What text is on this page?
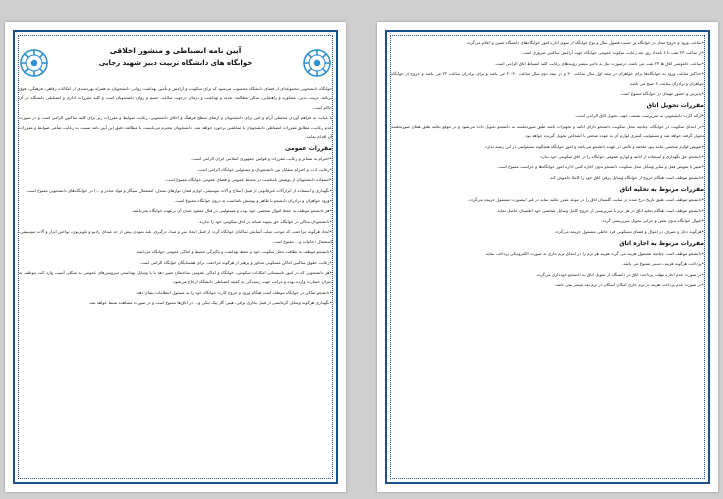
آیین نامه انضباطی و منشور اخلاقی
خوابگاه های دانشگاه تربیت دبیر شهید رجایی

خوابگاه دانشجویی مجموعه‌ای از فضای دانشگاه محسوب می‌شود که برای سکونت و آرامش و تأمین بهداشت روانی دانشجویان به همراه بهره‌مندی از امکانات رفاهی، فرهنگی، فوق برنامه، تربیت بدنی، مشاوره و راهنمایی، سالن مطالعه، تغذیه و بهداشت و درمان درجهت سلامت جسم و روان دانشجویان است و کلیه مقررات اداری و انضباطی دانشگاه در آن حاکم است.

با عنایت به فراهم آوردن محیطی آرام و امن برای دانشجویان و ارتقای سطح فرهنگ و اخلاق دانشجویی، رعایت ضوابط و مقررات زیر برای کلیه ساکنین الزامی است و در صورت عدم رعایت، مطابق مقررات انضباطی دانشجویان با متخلفین برخورد خواهد شد. دانشجویان محترم می‌بایست با مطالعه دقیق این آیین نامه نسبت به رعایت تمامی ضوابط و مقررات آن اقدام نمایند.

مقررات عمومی

•احترام به شعائر و رعایت مقررات و قوانین جمهوری اسلامی ایران الزامی است.

•رعایت ادب و احترام متقابل بین دانشجویان و مسئولین خوابگاه الزامی است.

•استفاده دانشجویان از پوشش نامناسب در محیط عمومی و فضای عمومی خوابگاه ممنوع است.

•نگهداری و استفاده از ابزارآلات غیرقانونی از قبیل (سلاح و آلات موسیقی، لوازم قمار، نوارهای مبتذل، استعمال سیگار و مواد مخدر و ...) در خوابگاه‌های دانشجویی ممنوع است.

•ورود خواهران و برادران دانشجو با ظاهر و پوشش نامناسب به درون خوابگاه ممنوع است.

•هر دانشجو موظف به حفظ اموال شخصی خود بوده و مسئولیتی در قبال مفقود شدن آن برعهده خوابگاه نمی‌باشد.

•دانشجویان ساکن در خوابگاه حق بیتوته شبانه در اتاق سکونتی خود را ندارند.

•ایجاد هرگونه مزاحمت که موجب سلب آسایش ساکنان خوابگاه گردد از قبیل ایجاد سر و صدا، درگیری، بلند نمودن بیش از حد صدای رادیو و تلویزیون، نواختن ابزار و آلات موسیقی، استعمال دخانیات و... ممنوع است.

•دانشجو موظف به نظافت محل سکونت خود و حفظ بهداشت و پاکیزگی محیط و اماکن عمومی خوابگاه می‌باشد.

•رعایت حقوق ساکنین اماکن مسکونی مجاور و پرهیز از هرگونه مزاحمت برای همسایگان خوابگاه الزامی است.

•هر دانشجویی که در امور تاسیساتی امکانات سکونتی، خوابگاه و اماکن عمومی ساختمان تغییر دهد یا با وسایل بهداشتی سرویس‌های عمومی به شکلی آسیب وارد کند، موظف به جبران خسارت وارده بوده و مراتب جهت رسیدگی به کمیته انضباطی دانشگاه ارجاع می‌شود.

•دانشجو ساکن در خوابگاه موظف است هنگام ورود و خروج کارت خوابگاه خود را به مسئول انتظامات نشان دهد.

•نگهداری هرگونه وسایل گرمایشی از قبیل بخاری برقی، هیتر، گاز پیک نیکی و... در اتاق‌ها ممنوع است و در صورت مشاهده ضبط خواهد شد.

•ساعت ورود و خروج مجاز در خوابگاه بر حسب فصول سال و نوع خوابگاه از سوی اداره امور خوابگاه‌های دانشگاه تعیین و اعلام می‌گردد.

•از ساعت ۲۳ شب تا ۶ بامداد روز بعد رعایت سکوت عمومی خوابگاه جهت آرامش ساکنین ضروری است.

•ساعت خاموشی اتاق ها ۲۴ شب می باشد، درصورت نیاز به تاخیر بیشتر رویندهای رعایت کلیه انضباط اتاق الزامی است.

•حداکثر ساعت ورود به خوابگاه‌ها برای خواهران در نیمه اول سال ساعت ۲۰ و در نیمه دوم سال ساعت ۲۰:۳۰ می باشد و برای برادران ساعت ۲۲ می باشد و خروج از خوابگاه خواهران و برادران ساعت ۶ صبح می باشد.

•پذیرش و حضور مهمان در خوابگاه ممنوع است.

مقررات تحویل اتاق

•ارائه کارت دانشجویی به سرپرست شیفت جهت تحویل اتاق الزامی است.

•در ابتدای سکونت در خوابگاه، چنانچه محل سکونت دانشجو دارای اثاثیه و تجهیزات باشد طبق صورتجلسه به دانشجو تحویل داده می‌شود و در موقع تخلیه طبق همان صورتجلسه تحویل گرفته خواهد شد و مسئولیت کسری لوازم آن به عهده شخص یا اشخاص تحویل گیرنده خواهد بود.

•تعویض لوازم شخصی مانند پتو، ملحفه و بالش در عهده دانشجو می‌باشد و امور خوابگاه هیچگونه مسئولیتی در این زمینه ندارد.

•دانشجو حق نگهداری و استفاده از اثاثیه و لوازم عمومی خوابگاه را در اتاق سکونتی خود ندارد.

•تغییر یا تعویض قفل و سایر وسایل محل سکونت دانشجو بدون اجازه کتبی اداره امور خوابگاه‌ها و حراست ممنوع است.

•دانشجو موظف است هنگام خروج از خوابگاه وسایل برقی اتاق خود را کاملا خاموش کند.

مقررات مربوط به تخلیه اتاق

•دانشجو موظف است طبق تاریخ درج شده در سایت گلستان اتاق را در موعد مقرر تخلیه نماید در غیر اینصورت مشمول جریمه می‌گردد.

•دانشجو موظف است هنگام تخلیه اتاق در هر ترم با سرپرستی از خروج کامل وسایل شخصی خود اطمینان حاصل نماید.

•اموال خوابگاه بدون نقص و خرابی تحویل سرپرستی گردد.

•هرگونه دخل و تصرف در اموال و فضای مسکونی فرد خاطی مشمول جریمه می‌گردد.

مقررات مربوط به اجاره اتاق

•دانشجو موظف است چنانچه مشمول هزینه می گردد هزینه هر ترم را در ابتدای ترم جاری به صورت الکترونیکی پرداخت نماید.

•پرداخت هرگونه هزینه، دستی ممنوع می باشد.

•در صورت عدم اجازه مهلت پرداخت اتاق در دانشگاه از تحویل اتاق به دانشجو خودداری می‌گردد.

•در صورت عدم پرداخت هزینه در ترم جاری امکان اسکان در ترم بعد میسر نمی باشد.
